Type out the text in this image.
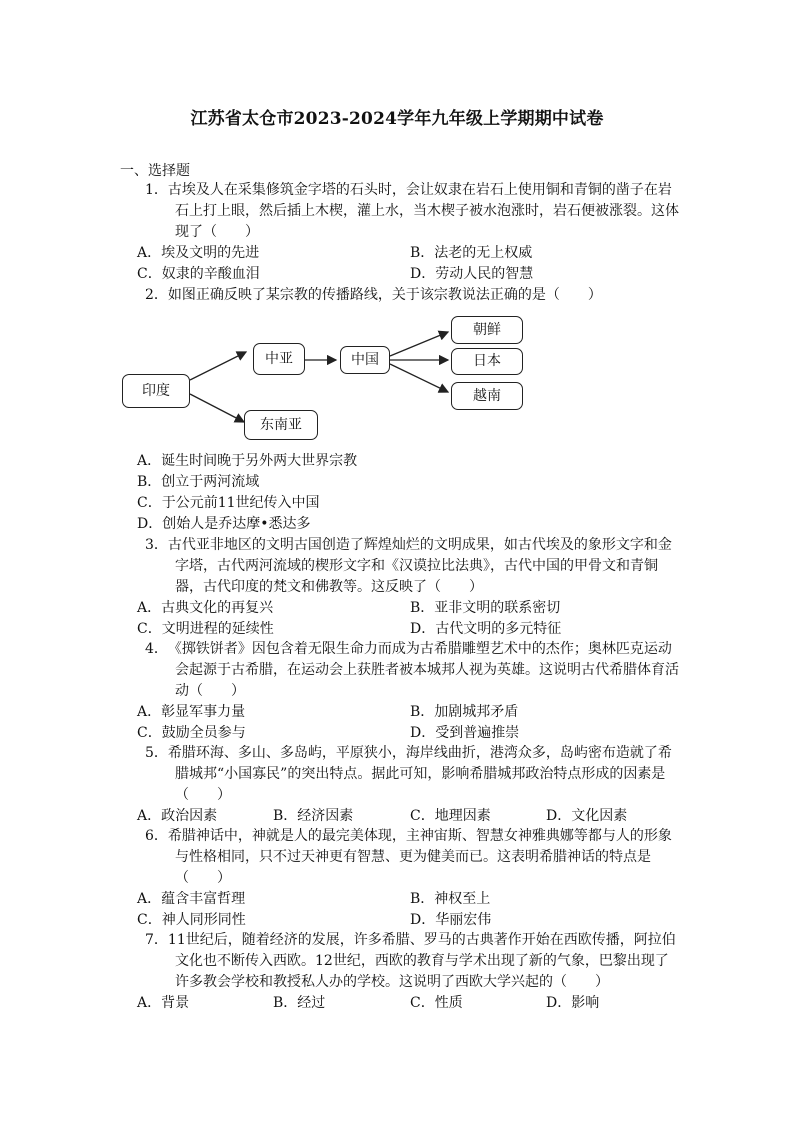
江苏省太仓市2023-2024学年九年级上学期期中试卷
一、选择题
1．古埃及人在采集修筑金字塔的石头时，会让奴隶在岩石上使用铜和青铜的凿子在岩石上打上眼，然后插上木楔，灌上水，当木楔子被水泡涨时，岩石便被涨裂。这体现了（　　）
A．埃及文明的先进	B．法老的无上权威
C．奴隶的辛酸血泪	D．劳动人民的智慧
2．如图正确反映了某宗教的传播路线，关于该宗教说法正确的是（　　）
印度
中亚	中国
东南亚
朝鲜
日本
越南
A．诞生时间晚于另外两大世界宗教
B．创立于两河流域
C．于公元前11世纪传入中国
D．创始人是乔达摩•悉达多
3．古代亚非地区的文明古国创造了辉煌灿烂的文明成果，如古代埃及的象形文字和金字塔，古代两河流域的楔形文字和《汉谟拉比法典》，古代中国的甲骨文和青铜器，古代印度的梵文和佛教等。这反映了（　　）
A．古典文化的再复兴	B．亚非文明的联系密切
C．文明进程的延续性	D．古代文明的多元特征
4．《掷铁饼者》因包含着无限生命力而成为古希腊雕塑艺术中的杰作；奥林匹克运动会起源于古希腊，在运动会上获胜者被本城邦人视为英雄。这说明古代希腊体育活动（　　）
A．彰显军事力量	B．加剧城邦矛盾
C．鼓励全员参与	D．受到普遍推崇
5．希腊环海、多山、多岛屿，平原狭小，海岸线曲折，港湾众多，岛屿密布造就了希腊城邦“小国寡民”的突出特点。据此可知，影响希腊城邦政治特点形成的因素是（　　）
A．政治因素	B．经济因素	C．地理因素	D．文化因素
6．希腊神话中，神就是人的最完美体现，主神宙斯、智慧女神雅典娜等都与人的形象与性格相同，只不过天神更有智慧、更为健美而已。这表明希腊神话的特点是（　　）
A．蕴含丰富哲理	B．神权至上
C．神人同形同性	D．华丽宏伟
7．11世纪后，随着经济的发展，许多希腊、罗马的古典著作开始在西欧传播，阿拉伯文化也不断传入西欧。12世纪，西欧的教育与学术出现了新的气象，巴黎出现了许多教会学校和教授私人办的学校。这说明了西欧大学兴起的（　　）
A．背景	B．经过	C．性质	D．影响
